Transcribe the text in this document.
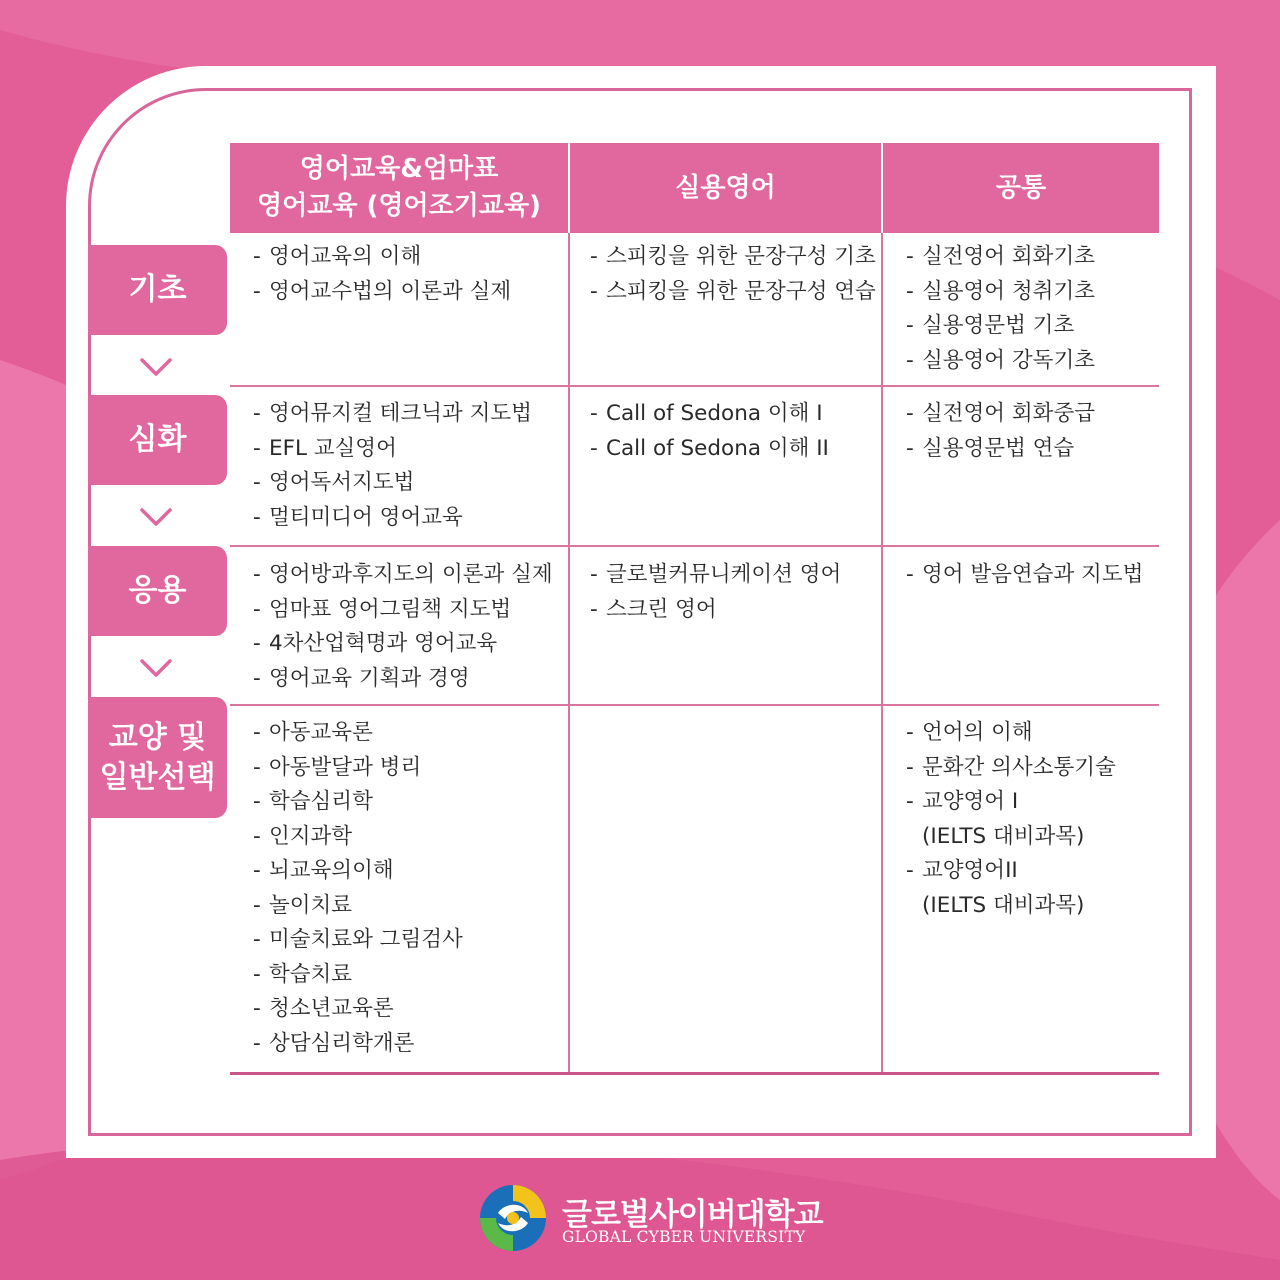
영어교육&엄마표
영어교육 (영어조기교육)
실용영어	공통
기초
심화
응용
교양 및
일반선택
- 영어교육의 이해
- 영어교수법의 이론과 실제
- 스피킹을 위한 문장구성 기초
- 스피킹을 위한 문장구성 연습
- 실전영어 회화기초
- 실용영어 청취기초
- 실용영문법 기초
- 실용영어 강독기초
- 영어뮤지컬 테크닉과 지도법
- EFL 교실영어
- 영어독서지도법
- 멀티미디어 영어교육
- Call of Sedona 이해 I
- Call of Sedona 이해 II
- 실전영어 회화중급
- 실용영문법 연습
- 영어방과후지도의 이론과 실제
- 엄마표 영어그림책 지도법
- 4차산업혁명과 영어교육
- 영어교육 기획과 경영
- 글로벌커뮤니케이션 영어
- 스크린 영어
- 영어 발음연습과 지도법
- 아동교육론
- 아동발달과 병리
- 학습심리학
- 인지과학
- 뇌교육의이해
- 놀이치료
- 미술치료와 그림검사
- 학습치료
- 청소년교육론
- 상담심리학개론
- 언어의 이해
- 문화간 의사소통기술
- 교양영어 I
(IELTS 대비과목)
- 교양영어II
(IELTS 대비과목)
글로벌사이버대학교
GLOBAL CYBER UNIVERSITY
